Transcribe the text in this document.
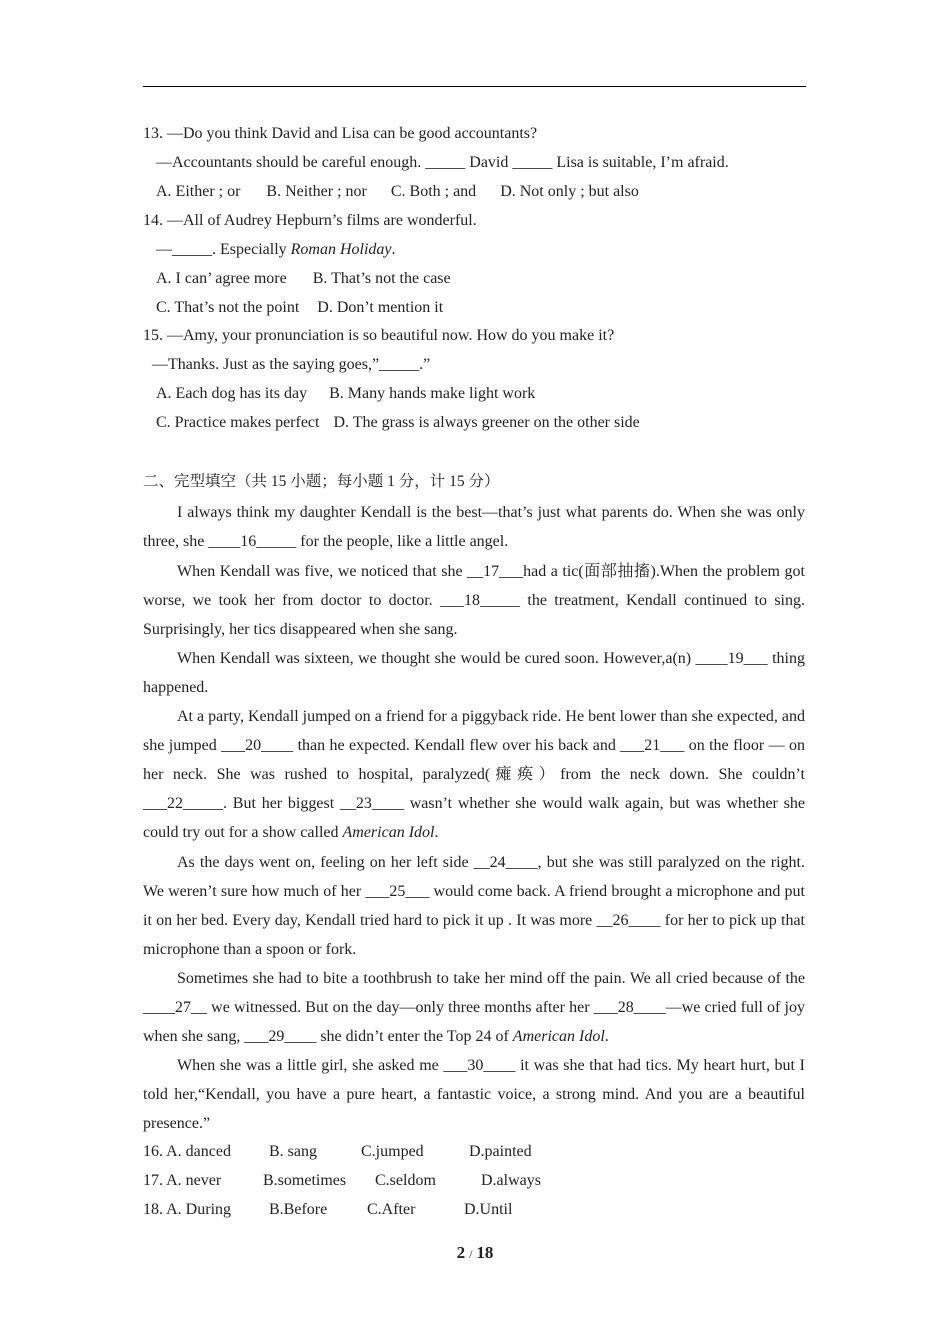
13. —Do you think David and Lisa can be good accountants?
—Accountants should be careful enough. _____ David _____ Lisa is suitable, I’m afraid.
A. Either ; or B. Neither ; nor C. Both ; and D. Not only ; but also
14. —All of Audrey Hepburn’s films are wonderful.
—_____. Especially Roman Holiday.
A. I can’ agree more B. That’s not the case
C. That’s not the point D. Don’t mention it
15. —Amy, your pronunciation is so beautiful now. How do you make it?
—Thanks. Just as the saying goes,”_____.”
A. Each dog has its day B. Many hands make light work
C. Practice makes perfect D. The grass is always greener on the other side
二、完型填空（共 15 小题；每小题 1 分，计 15 分）
I always think my daughter Kendall is the best—that’s just what parents do. When she was only three, she ____16_____ for the people, like a little angel.
When Kendall was five, we noticed that she __17___had a tic(面部抽搐).When the problem got worse, we took her from doctor to doctor. ___18_____ the treatment, Kendall continued to sing. Surprisingly, her tics disappeared when she sang.
When Kendall was sixteen, we thought she would be cured soon. However,a(n) ____19___ thing happened.
At a party, Kendall jumped on a friend for a piggyback ride. He bent lower than she expected, and she jumped ___20____ than he expected. Kendall flew over his back and ___21___ on the floor — on her neck. She was rushed to hospital, paralyzed(瘫痪）from the neck down. She couldn’t ___22_____. But her biggest __23____ wasn’t whether she would walk again, but was whether she could try out for a show called American Idol.
As the days went on, feeling on her left side __24____, but she was still paralyzed on the right. We weren’t sure how much of her ___25___ would come back. A friend brought a microphone and put it on her bed. Every day, Kendall tried hard to pick it up . It was more __26____ for her to pick up that microphone than a spoon or fork.
Sometimes she had to bite a toothbrush to take her mind off the pain. We all cried because of the ____27__ we witnessed. But on the day—only three months after her ___28____—we cried full of joy when she sang, ___29____ she didn’t enter the Top 24 of American Idol.
When she was a little girl, she asked me ___30____ it was she that had tics. My heart hurt, but I told her,“Kendall, you have a pure heart, a fantastic voice, a strong mind. And you are a beautiful presence.”
16. A. danced B. sang	C.jumped	D.painted
17. A. never	B.sometimes C.seldom	D.always
18. A. During B.Before C.After	D.Until
2 / 18
